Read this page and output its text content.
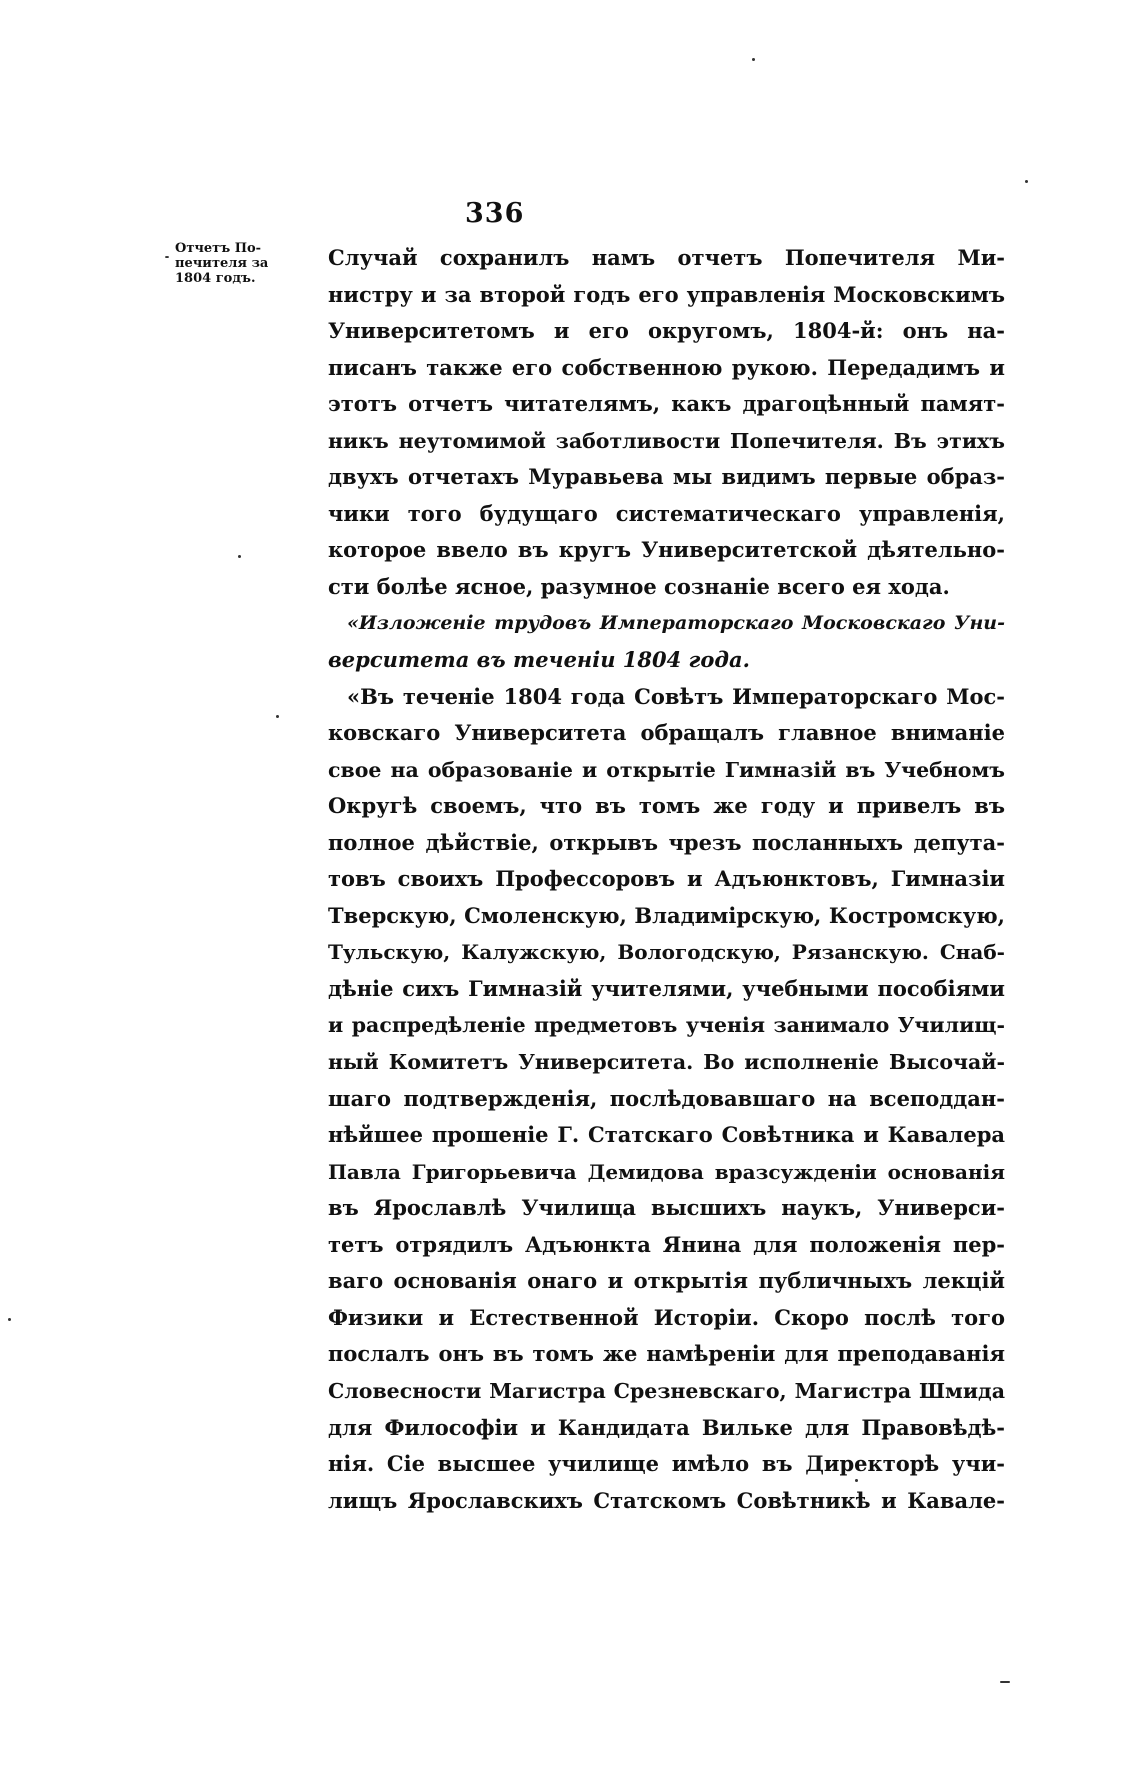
336
Отчетъ По-
печителя за
1804 годъ.
Случай сохранилъ намъ отчетъ Попечителя Ми-
нистру и за второй годъ его управленія Московскимъ
Университетомъ и его округомъ, 1804-й: онъ на-
писанъ также его собственною рукою. Передадимъ и
этотъ отчетъ читателямъ, какъ драгоцѣнный памят-
никъ неутомимой заботливости Попечителя. Въ этихъ
двухъ отчетахъ Муравьева мы видимъ первые образ-
чики того будущаго систематическаго управленія,
которое ввело въ кругъ Университетской дѣятельно-
сти болѣе ясное, разумное сознаніе всего ея хода.
«Изложеніе трудовъ Императорскаго Московскаго Уни-
верситета въ теченіи 1804 года.
«Въ теченіе 1804 года Совѣтъ Императорскаго Мос-
ковскаго Университета обращалъ главное вниманіе
свое на образованіе и открытіе Гимназій въ Учебномъ
Округѣ своемъ, что въ томъ же году и привелъ въ
полное дѣйствіе, открывъ чрезъ посланныхъ депута-
товъ своихъ Профессоровъ и Адъюнктовъ, Гимназіи
Тверскую, Смоленскую, Владимірскую, Костромскую,
Тульскую, Калужскую, Вологодскую, Рязанскую. Снаб-
дѣніе сихъ Гимназій учителями, учебными пособіями
и распредѣленіе предметовъ ученія занимало Училищ-
ный Комитетъ Университета. Во исполненіе Высочай-
шаго подтвержденія, послѣдовавшаго на всеподдан-
нѣйшее прошеніе Г. Статскаго Совѣтника и Кавалера
Павла Григорьевича Демидова вразсужденіи основанія
въ Ярославлѣ Училища высшихъ наукъ, Универси-
тетъ отрядилъ Адъюнкта Янина для положенія пер-
ваго основанія онаго и открытія публичныхъ лекцій
Физики и Естественной Исторіи. Скоро послѣ того
послалъ онъ въ томъ же намѣреніи для преподаванія
Словесности Магистра Срезневскаго, Магистра Шмида
для Философіи и Кандидата Вильке для Правовѣдѣ-
нія. Сіе высшее училище имѣло въ Директорѣ учи-
лищъ Ярославскихъ Статскомъ Совѣтникѣ и Кавале-
